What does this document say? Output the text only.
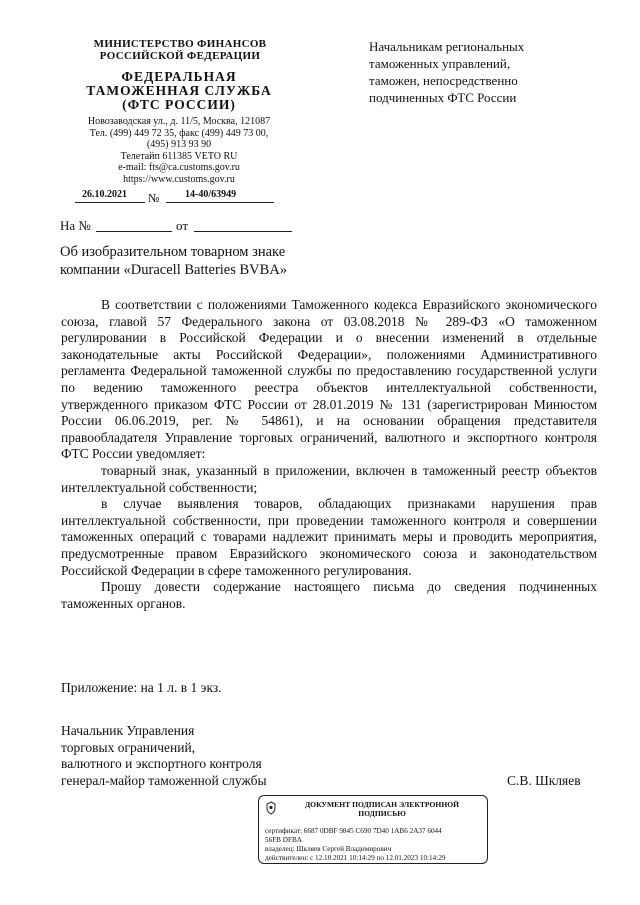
МИНИСТЕРСТВО ФИНАНСОВ
РОССИЙСКОЙ ФЕДЕРАЦИИ
ФЕДЕРАЛЬНАЯ
ТАМОЖЕННАЯ СЛУЖБА
(ФТС РОССИИ)
Новозаводская ул., д. 11/5, Москва, 121087
Тел. (499) 449 72 35, факс (499) 449 73 00,
(495) 913 93 90
Телетайп 611385 VETO RU
e-mail: fts@ca.customs.gov.ru
https://www.customs.gov.ru
26.10.2021 №	14-40/63949
На №	от
Начальникам региональных
таможенных управлений,
таможен, непосредственно
подчиненных ФТС России
Об изобразительном товарном знаке
компании «Duracell Batteries BVBA»

В соответствии с положениями Таможенного кодекса Евразийского экономического союза, главой 57 Федерального закона от 03.08.2018 № 289-ФЗ «О таможенном регулировании в Российской Федерации и о внесении изменений в отдельные законодательные акты Российской Федерации», положениями Административного регламента Федеральной таможенной службы по предоставлению государственной услуги по ведению таможенного реестра объектов интеллектуальной собственности, утвержденного приказом ФТС России от 28.01.2019 № 131 (зарегистрирован Минюстом России 06.06.2019, рег. № 54861), и на основании обращения представителя правообладателя Управление торговых ограничений, валютного и экспортного контроля ФТС России уведомляет:

товарный знак, указанный в приложении, включен в таможенный реестр объектов интеллектуальной собственности;

в случае выявления товаров, обладающих признаками нарушения прав интеллектуальной собственности, при проведении таможенного контроля и совершении таможенных операций с товарами надлежит принимать меры и проводить мероприятия, предусмотренные правом Евразийского экономического союза и законодательством Российской Федерации в сфере таможенного регулирования.

Прошу довести содержание настоящего письма до сведения подчиненных таможенных органов.

Приложение: на 1 л. в 1 экз.
Начальник Управления
торговых ограничений,
валютного и экспортного контроля
генерал-майор таможенной службы	С.В. Шкляев
ДОКУМЕНТ ПОДПИСАН ЭЛЕКТРОННОЙ
ПОДПИСЬЮ
сертификат: 6687 0DBF 9845 C690 7D40 1AB6 2A37 6044
56FB DFBA
владелец: Шкляев Сергей Владимирович
действителен: с 12.10.2021 10:14:29 по 12.01.2023 10:14:29
